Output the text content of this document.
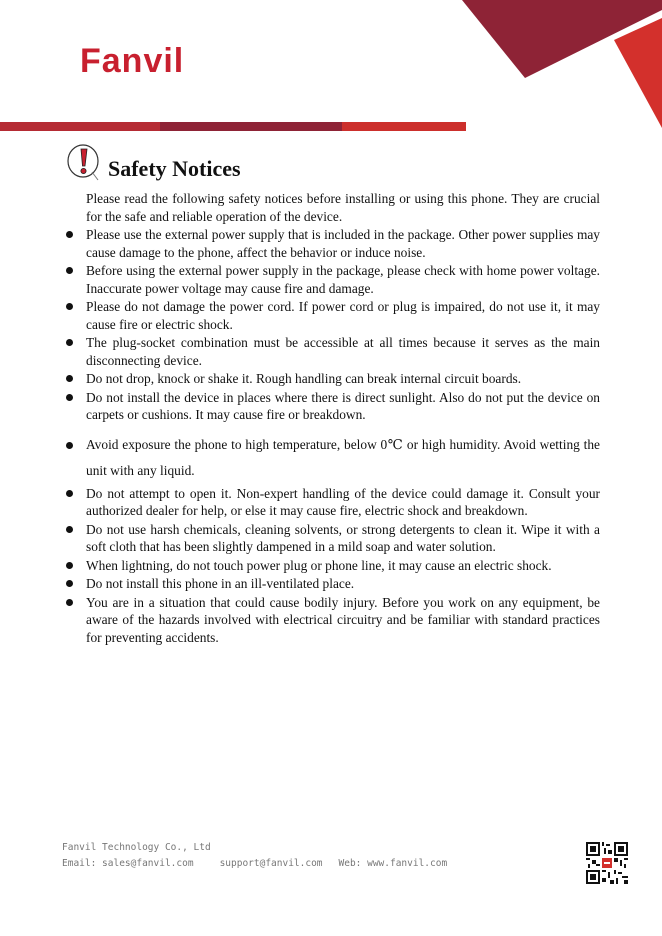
Fanvil
Safety Notices

Please read the following safety notices before installing or using this phone. They are crucial for the safe and reliable operation of the device.

Please use the external power supply that is included in the package. Other power supplies may cause damage to the phone, affect the behavior or induce noise.
Before using the external power supply in the package, please check with home power voltage. Inaccurate power voltage may cause fire and damage.
Please do not damage the power cord. If power cord or plug is impaired, do not use it, it may cause fire or electric shock.
The plug-socket combination must be accessible at all times because it serves as the main disconnecting device.
Do not drop, knock or shake it. Rough handling can break internal circuit boards.
Do not install the device in places where there is direct sunlight. Also do not put the device on carpets or cushions. It may cause fire or breakdown.
Avoid exposure the phone to high temperature, below 0℃ or high humidity. Avoid wetting the unit with any liquid.
Do not attempt to open it. Non-expert handling of the device could damage it. Consult your authorized dealer for help, or else it may cause fire, electric shock and breakdown.
Do not use harsh chemicals, cleaning solvents, or strong detergents to clean it. Wipe it with a soft cloth that has been slightly dampened in a mild soap and water solution.
When lightning, do not touch power plug or phone line, it may cause an electric shock.
Do not install this phone in an ill-ventilated place.
You are in a situation that could cause bodily injury. Before you work on any equipment, be aware of the hazards involved with electrical circuitry and be familiar with standard practices for preventing accidents.
Fanvil Technology Co., Ltd
Email: sales@fanvil.com	support@fanvil.com Web: www.fanvil.com
